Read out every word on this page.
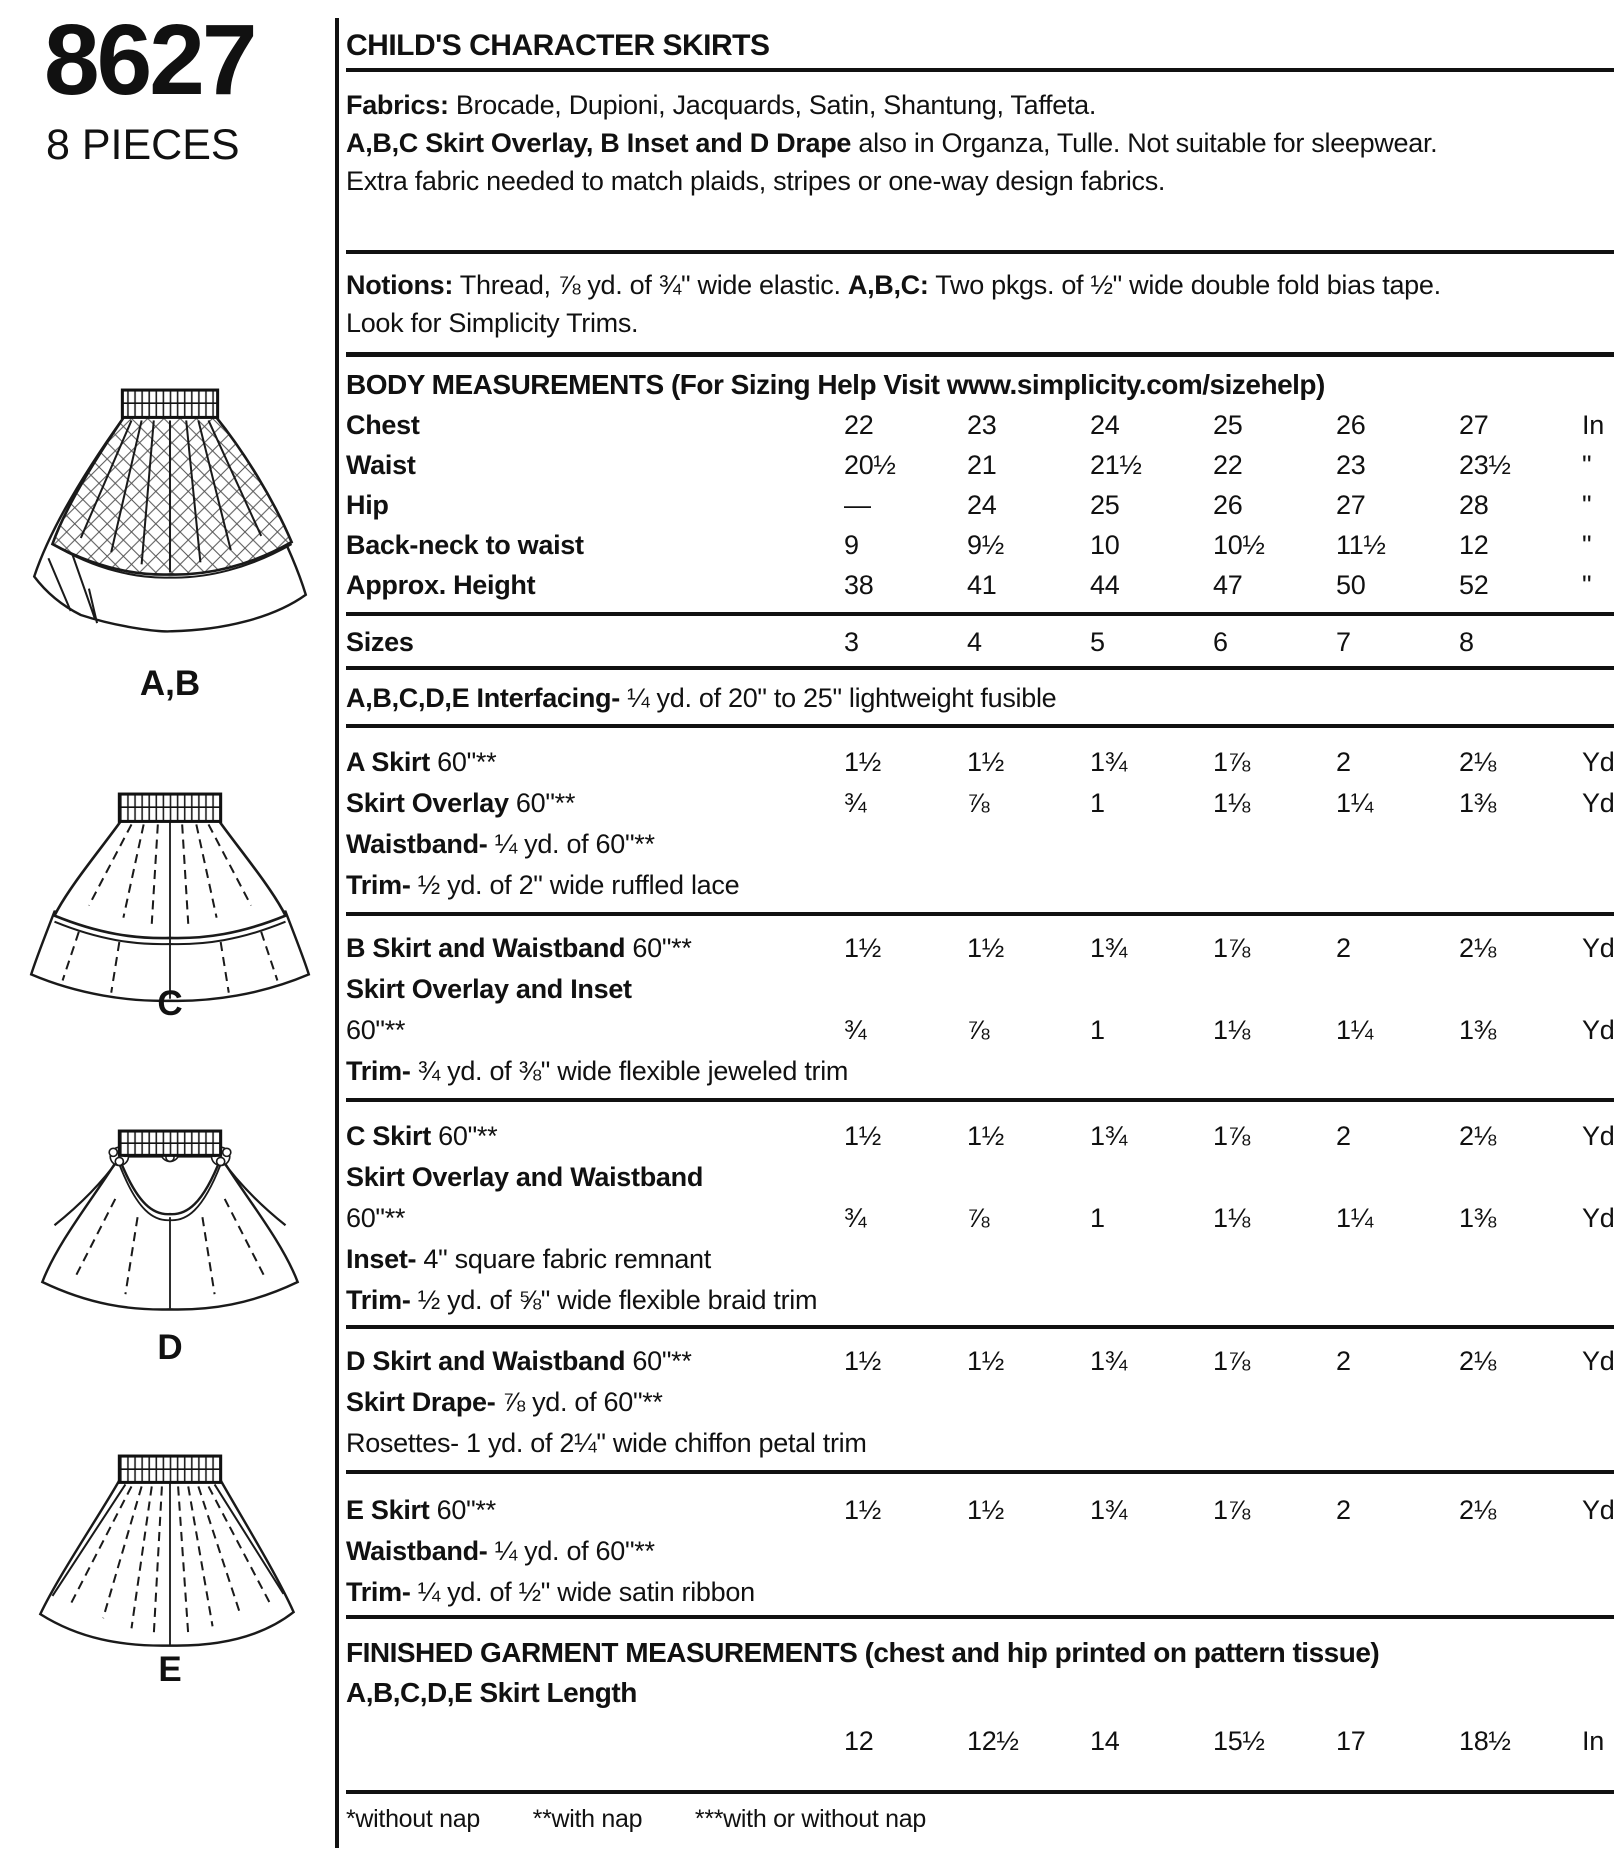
8627
8 PIECES
A,B
C
D
E
CHILD'S CHARACTER SKIRTS

Fabrics: Brocade, Dupioni, Jacquards, Satin, Shantung, Taffeta.

A,B,C Skirt Overlay, B Inset and D Drape also in Organza, Tulle. Not suitable for sleepwear. Extra fabric needed to match plaids, stripes or one-way design fabrics.

Notions: Thread, ⅞ yd. of ¾" wide elastic. A,B,C: Two pkgs. of ½" wide double fold bias tape. Look for Simplicity Trims.

BODY MEASUREMENTS (For Sizing Help Visit www.simplicity.com/sizehelp)
Chest	22	23	24	25	26	27	In
Waist	20½	21	21½	22	23	23½	"
Hip	—	24	25	26	27	28	"
Back-neck to waist	9	9½	10	10½	11½	12	"
Approx. Height	38	41	44	47	50	52	"
Sizes	3	4	5	6	7	8

A,B,C,D,E Interfacing- ¼ yd. of 20" to 25" lightweight fusible

A Skirt 60"**	1½	1½	1¾	1⅞	2	2⅛	Yd
Skirt Overlay 60"**	¾	⅞	1	1⅛	1¼	1⅜	Yd
Waistband- ¼ yd. of 60"**
Trim- ½ yd. of 2" wide ruffled lace
B Skirt and Waistband 60"**	1½	1½	1¾	1⅞	2	2⅛	Yd
Skirt Overlay and Inset
60"**	¾	⅞	1	1⅛	1¼	1⅜	Yd
Trim- ¾ yd. of ⅜" wide flexible jeweled trim
C Skirt 60"**	1½	1½	1¾	1⅞	2	2⅛	Yd
Skirt Overlay and Waistband
60"**	¾	⅞	1	1⅛	1¼	1⅜	Yd
Inset- 4" square fabric remnant
Trim- ½ yd. of ⅝" wide flexible braid trim
D Skirt and Waistband 60"**	1½	1½	1¾	1⅞	2	2⅛	Yd
Skirt Drape- ⅞ yd. of 60"**
Rosettes- 1 yd. of 2¼" wide chiffon petal trim
E Skirt 60"**	1½	1½	1¾	1⅞	2	2⅛	Yd
Waistband- ¼ yd. of 60"**
Trim- ¼ yd. of ½" wide satin ribbon
FINISHED GARMENT MEASUREMENTS (chest and hip printed on pattern tissue)
A,B,C,D,E Skirt Length
12	12½	14	15½	17	18½	In

*without nap **with nap ***with or without nap
